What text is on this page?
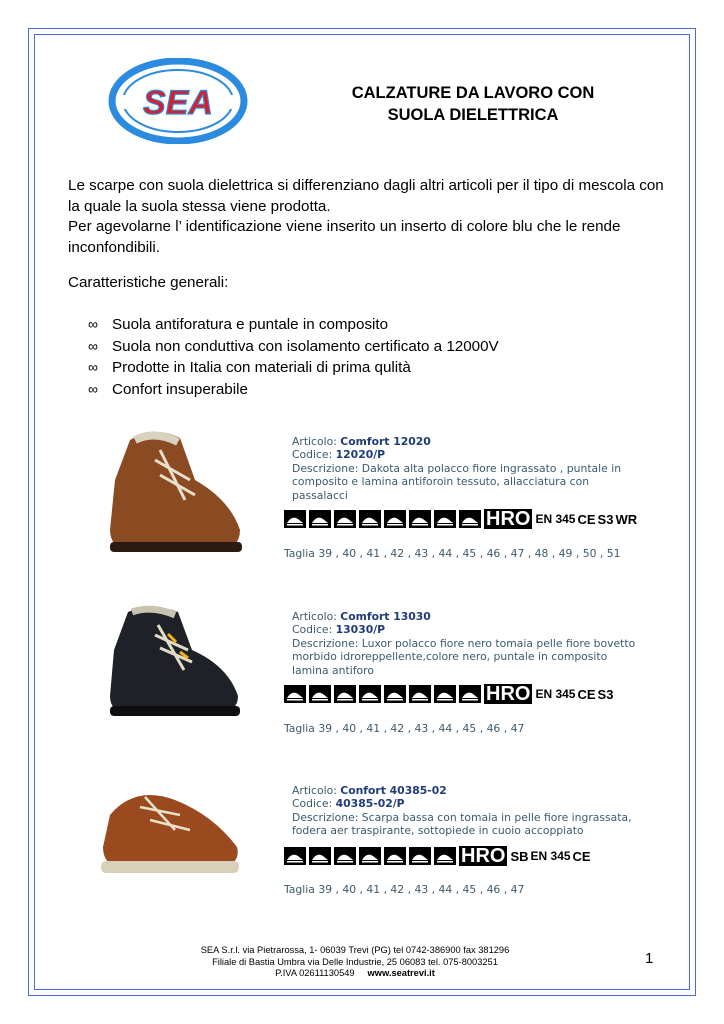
SEA	CALZATURE DA LAVORO CON
SUOLA DIELETTRICA

Le scarpe con suola dielettrica si differenziano dagli altri articoli per il tipo di mescola con la quale la suola stessa viene prodotta.

Per agevolarne l’ identificazione viene inserito un inserto di colore blu che le rende inconfondibili.

Caratteristiche generali:
∞ Suola antiforatura e puntale in composito
∞ Suola non conduttiva con isolamento certificato a 12000V
∞ Prodotte in Italia con materiali di prima qulità
∞ Confort insuperabile
Articolo: Comfort 12020
Codice: 12020/P
Descrizione: Dakota alta polacco fiore ingrassato , puntale in composito e lamina antiforoin tessuto, allacciatura con passalacci
HRO EN 345 CE S3 WR
Taglia 39 , 40 , 41 , 42 , 43 , 44 , 45 , 46 , 47 , 48 , 49 , 50 , 51
Articolo: Comfort 13030
Codice: 13030/P
Descrizione: Luxor polacco fiore nero tomaia pelle fiore bovetto morbido idroreppellente,colore nero, puntale in composito lamina antiforo
HRO EN 345 CE S3
Taglia 39 , 40 , 41 , 42 , 43 , 44 , 45 , 46 , 47
Articolo: Confort 40385-02
Codice: 40385-02/P
Descrizione: Scarpa bassa con tomaia in pelle fiore ingrassata, fodera aer traspirante, sottopiede in cuoio accoppiato
HRO SB EN 345 CE
Taglia 39 , 40 , 41 , 42 , 43 , 44 , 45 , 46 , 47
SEA S.r.l. via Pietrarossa, 1- 06039 Trevi (PG) tel 0742-386900 fax 381296
Filiale di Bastia Umbra via Delle Industrie, 25 06083 tel. 075-8003251
P.IVA 02611130549 www.seatrevi.it
1
